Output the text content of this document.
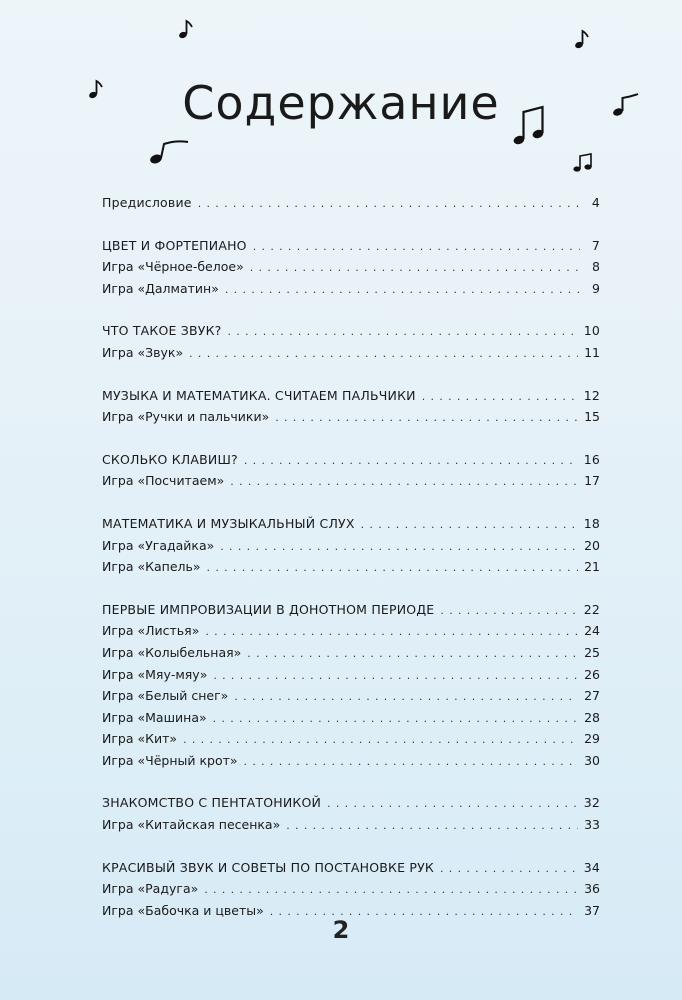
Содержание
Предисловие . . .	4
ЦВЕТ И ФОРТЕПИАНО . . .	7
Игра «Чёрное-белое» . . .	8
Игра «Далматин» . . .	9
ЧТО ТАКОЕ ЗВУК? . . .	10
Игра «Звук» . . .	11
МУЗЫКА И МАТЕМАТИКА. СЧИТАЕМ ПАЛЬЧИКИ . . .	12
Игра «Ручки и пальчики» . . .	15
СКОЛЬКО КЛАВИШ? . . .	16
Игра «Посчитаем» . . .	17
МАТЕМАТИКА И МУЗЫКАЛЬНЫЙ СЛУХ . . .	18
Игра «Угадайка» . . .	20
Игра «Капель» . . .	21
ПЕРВЫЕ ИМПРОВИЗАЦИИ В ДОНОТНОМ ПЕРИОДЕ . . .	22
Игра «Листья» . . .	24
Игра «Колыбельная» . . .	25
Игра «Мяу-мяу» . . .	26
Игра «Белый снег» . . .	27
Игра «Машина» . . .	28
Игра «Кит» . . .	29
Игра «Чёрный крот» . . .	30
ЗНАКОМСТВО С ПЕНТАТОНИКОЙ . . .	32
Игра «Китайская песенка» . . .	33
КРАСИВЫЙ ЗВУК И СОВЕТЫ ПО ПОСТАНОВКЕ РУК . . .	34
Игра «Радуга» . . .	36
Игра «Бабочка и цветы» . . .	37
2
